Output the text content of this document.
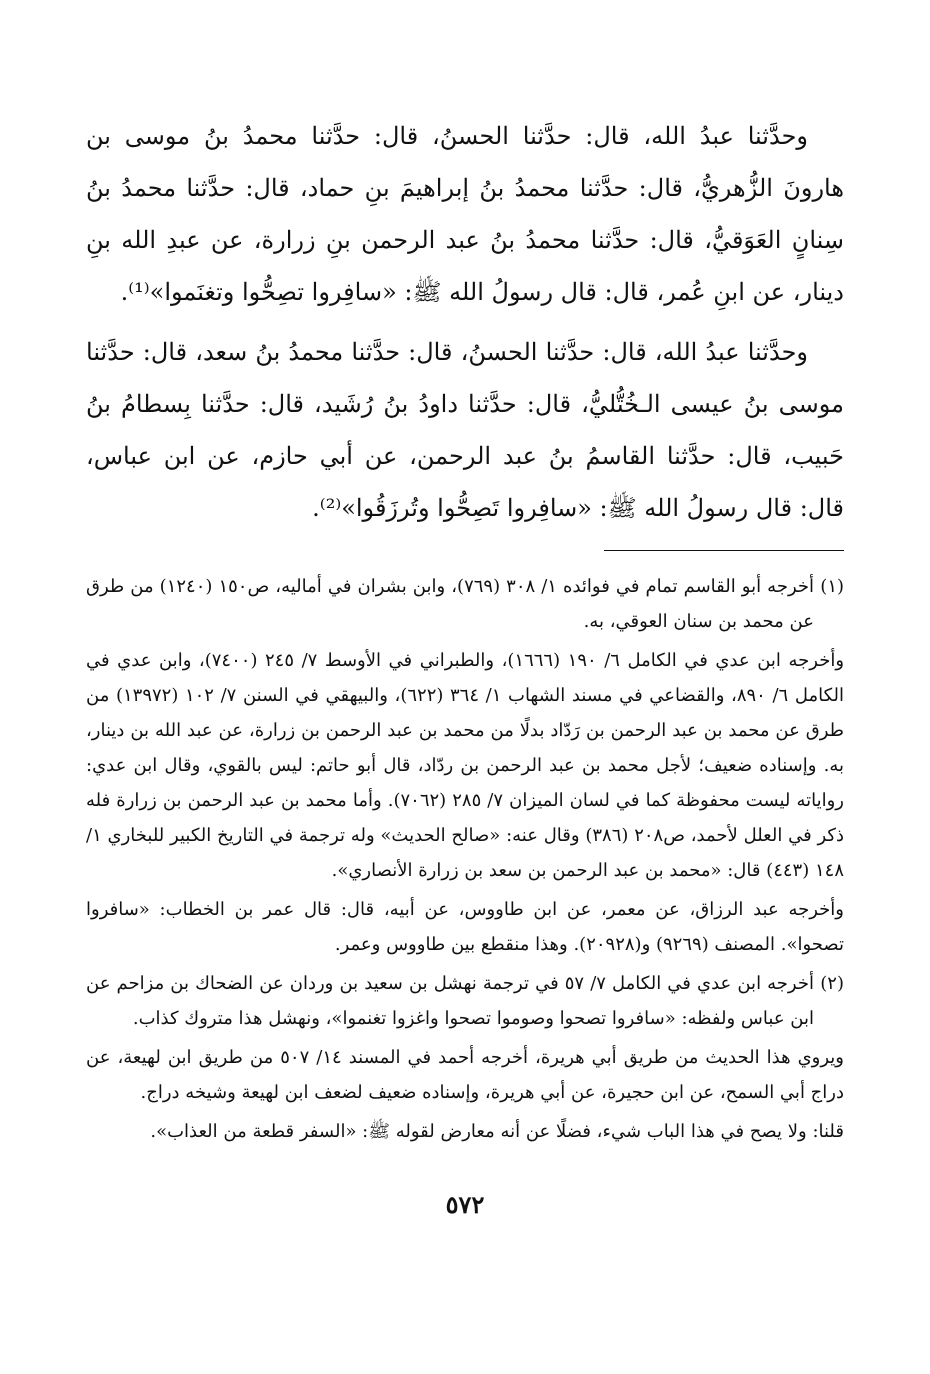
وحدَّثنا عبدُ الله، قال: حدَّثنا الحسنُ، قال: حدَّثنا محمدُ بنُ موسى بن هارونَ الزُّهريُّ، قال: حدَّثنا محمدُ بنُ إبراهيمَ بنِ حماد، قال: حدَّثنا محمدُ بنُ سِنانٍ العَوَقيُّ، قال: حدَّثنا محمدُ بنُ عبد الرحمن بنِ زرارة، عن عبدِ الله بنِ دينار، عن ابنِ عُمر، قال: قال رسولُ الله ﷺ: «سافِروا تصِحُّوا وتغنَموا»⁽¹⁾.

وحدَّثنا عبدُ الله، قال: حدَّثنا الحسنُ، قال: حدَّثنا محمدُ بنُ سعد، قال: حدَّثنا موسى بنُ عيسى الـخُتُّليُّ، قال: حدَّثنا داودُ بنُ رُشَيد، قال: حدَّثنا بِسطامُ بنُ حَبيب، قال: حدَّثنا القاسمُ بنُ عبد الرحمن، عن أبي حازم، عن ابن عباس، قال: قال رسولُ الله ﷺ: «سافِروا تَصِحُّوا وتُرزَقُوا»⁽²⁾.

(١)أخرجه أبو القاسم تمام في فوائده ١/ ٣٠٨ (٧٦٩)، وابن بشران في أماليه، ص١٥٠ (١٢٤٠) من طرق عن محمد بن سنان العوقي، به.

وأخرجه ابن عدي في الكامل ٦/ ١٩٠ (١٦٦٦)، والطبراني في الأوسط ٧/ ٢٤٥ (٧٤٠٠)، وابن عدي في الكامل ٦/ ٨٩٠، والقضاعي في مسند الشهاب ١/ ٣٦٤ (٦٢٢)، والبيهقي في السنن ٧/ ١٠٢ (١٣٩٧٢) من طرق عن محمد بن عبد الرحمن بن رَدّاد بدلًا من محمد بن عبد الرحمن بن زرارة، عن عبد الله بن دينار، به. وإسناده ضعيف؛ لأجل محمد بن عبد الرحمن بن ردّاد، قال أبو حاتم: ليس بالقوي، وقال ابن عدي: رواياته ليست محفوظة كما في لسان الميزان ٧/ ٢٨٥ (٧٠٦٢). وأما محمد بن عبد الرحمن بن زرارة فله ذكر في العلل لأحمد، ص٢٠٨ (٣٨٦) وقال عنه: «صالح الحديث» وله ترجمة في التاريخ الكبير للبخاري ١/ ١٤٨ (٤٤٣) قال: «محمد بن عبد الرحمن بن سعد بن زرارة الأنصاري».

وأخرجه عبد الرزاق، عن معمر، عن ابن طاووس، عن أبيه، قال: قال عمر بن الخطاب: «سافروا تصحوا». المصنف (٩٢٦٩) و(٢٠٩٢٨). وهذا منقطع بين طاووس وعمر.

(٢)أخرجه ابن عدي في الكامل ٧/ ٥٧ في ترجمة نهشل بن سعيد بن وردان عن الضحاك بن مزاحم عن ابن عباس ولفظه: «سافروا تصحوا وصوموا تصحوا واغزوا تغنموا»، ونهشل هذا متروك كذاب.

ويروي هذا الحديث من طريق أبي هريرة، أخرجه أحمد في المسند ١٤/ ٥٠٧ من طريق ابن لهيعة، عن دراج أبي السمح، عن ابن حجيرة، عن أبي هريرة، وإسناده ضعيف لضعف ابن لهيعة وشيخه دراج.

قلنا: ولا يصح في هذا الباب شيء، فضلًا عن أنه معارض لقوله ﷺ: «السفر قطعة من العذاب».

٥٧٢
